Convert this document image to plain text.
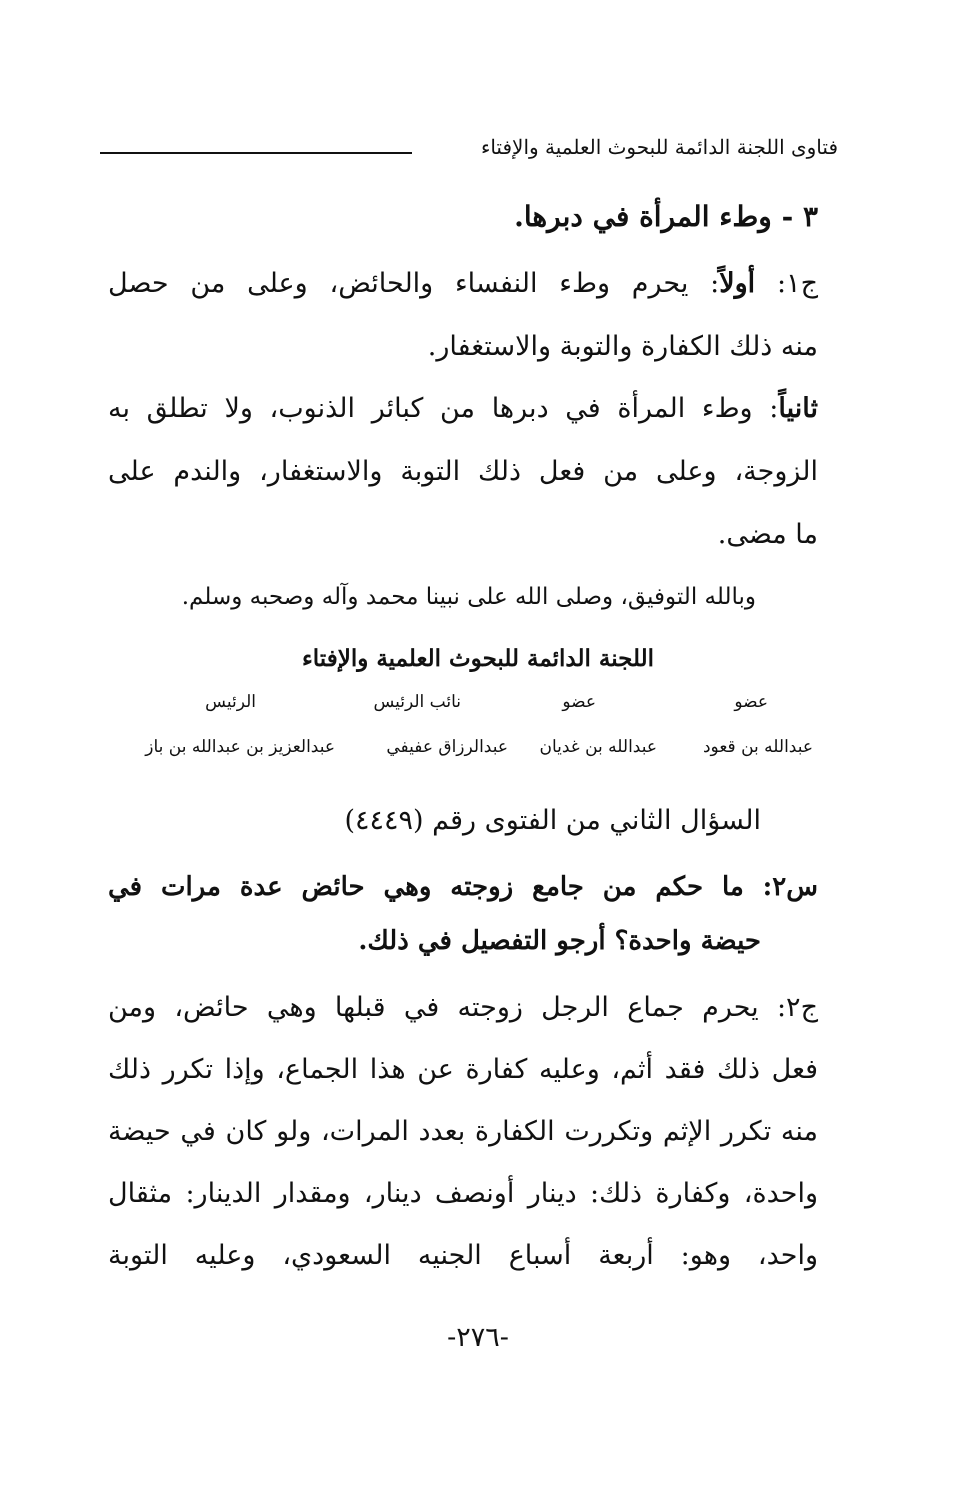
فتاوى اللجنة الدائمة للبحوث العلمية والإفتاء
٣ - وطء المرأة في دبرها.
ج١: أولاً: يحرم وطء النفساء والحائض، وعلى من حصل
منه ذلك الكفارة والتوبة والاستغفار.
ثانياً: وطء المرأة في دبرها من كبائر الذنوب، ولا تطلق به
الزوجة، وعلى من فعل ذلك التوبة والاستغفار، والندم على
ما مضى.
وبالله التوفيق، وصلى الله على نبينا محمد وآله وصحبه وسلم.
اللجنة الدائمة للبحوث العلمية والإفتاء
عضو
عضو
نائب الرئيس
الرئيس
عبدالله بن قعود
عبدالله بن غديان
عبدالرزاق عفيفي
عبدالعزيز بن عبدالله بن باز
السؤال الثاني من الفتوى رقم (٤٤٤٩)
س٢: ما حكم من جامع زوجته وهي حائض عدة مرات في
حيضة واحدة؟ أرجو التفصيل في ذلك.
ج٢: يحرم جماع الرجل زوجته في قبلها وهي حائض، ومن
فعل ذلك فقد أثم، وعليه كفارة عن هذا الجماع، وإذا تكرر ذلك
منه تكرر الإثم وتكررت الكفارة بعدد المرات، ولو كان في حيضة
واحدة، وكفارة ذلك: دينار أونصف دينار، ومقدار الدينار: مثقال
واحد، وهو: أربعة أسباع الجنيه السعودي، وعليه التوبة
-٢٧٦-
